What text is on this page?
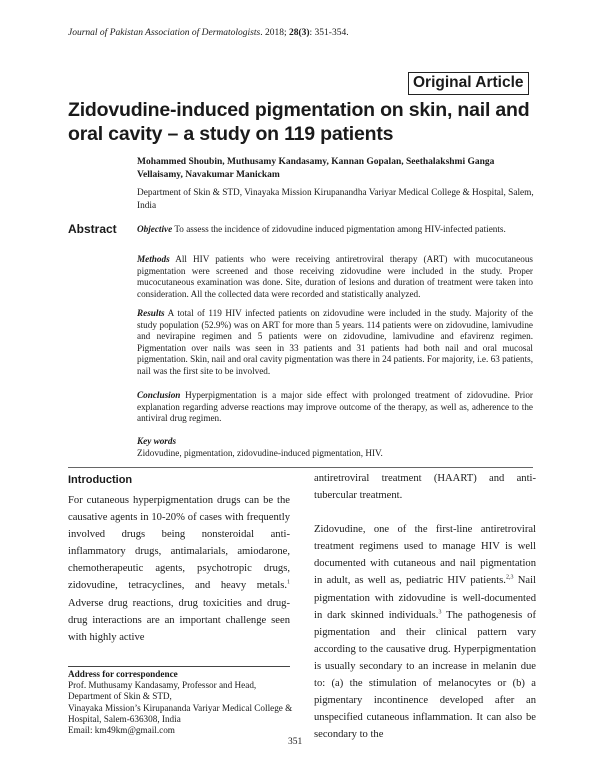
Journal of Pakistan Association of Dermatologists. 2018; 28(3): 351-354.
Original Article
Zidovudine-induced pigmentation on skin, nail and oral cavity – a study on 119 patients
Mohammed Shoubin, Muthusamy Kandasamy, Kannan Gopalan, Seethalakshmi Ganga Vellaisamy, Navakumar Manickam
Department of Skin & STD, Vinayaka Mission Kirupanandha Variyar Medical College & Hospital, Salem, India
Abstract Objective To assess the incidence of zidovudine induced pigmentation among HIV-infected patients.
Methods All HIV patients who were receiving antiretroviral therapy (ART) with mucocutaneous pigmentation were screened and those receiving zidovudine were included in the study. Proper mucocutaneous examination was done. Site, duration of lesions and duration of treatment were taken into consideration. All the collected data were recorded and statistically analyzed.
Results A total of 119 HIV infected patients on zidovudine were included in the study. Majority of the study population (52.9%) was on ART for more than 5 years. 114 patients were on zidovudine, lamivudine and nevirapine regimen and 5 patients were on zidovudine, lamivudine and efavirenz regimen. Pigmentation over nails was seen in 33 patients and 31 patients had both nail and oral mucosal pigmentation. Skin, nail and oral cavity pigmentation was there in 24 patients. For majority, i.e. 63 patients, nail was the first site to be involved.
Conclusion Hyperpigmentation is a major side effect with prolonged treatment of zidovudine. Prior explanation regarding adverse reactions may improve outcome of the therapy, as well as, adherence to the antiviral drug regimen.
Key words
Zidovudine, pigmentation, zidovudine-induced pigmentation, HIV.
Introduction

For cutaneous hyperpigmentation drugs can be the causative agents in 10-20% of cases with frequently involved drugs being nonsteroidal anti-inflammatory drugs, antimalarials, amiodarone, chemotherapeutic agents, psychotropic drugs, zidovudine, tetracyclines, and heavy metals.$^1$ Adverse drug reactions, drug toxicities and drug-drug interactions are an important challenge seen with highly active

antiretroviral treatment (HAART) and anti-tubercular treatment.

Zidovudine, one of the first-line antiretroviral treatment regimens used to manage HIV is well documented with cutaneous and nail pigmentation in adult, as well as, pediatric HIV patients.$^{2,3}$ Nail pigmentation with zidovudine is well-documented in dark skinned individuals.$^3$ The pathogenesis of pigmentation and their clinical pattern vary according to the causative drug. Hyperpigmentation is usually secondary to an increase in melanin due to: (a) the stimulation of melanocytes or (b) a pigmentary incontinence developed after an unspecified cutaneous inflammation. It can also be secondary to the

Address for correspondence
Prof. Muthusamy Kandasamy, Professor and Head, Department of Skin & STD,
Vinayaka Mission’s Kirupananda Variyar Medical College & Hospital, Salem-636308, India
Email: km49km@gmail.com
351
